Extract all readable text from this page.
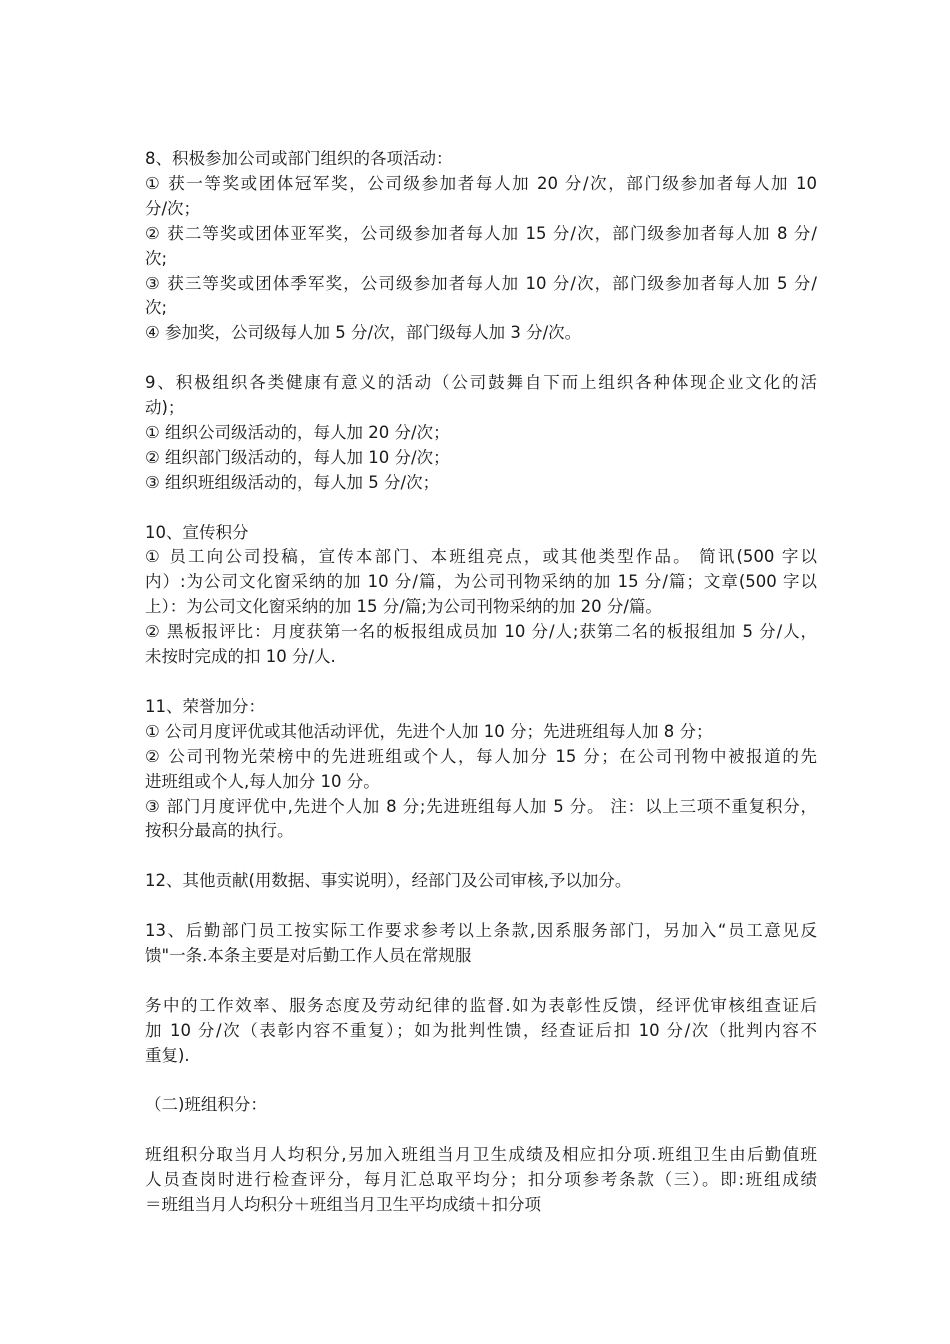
8、积极参加公司或部门组织的各项活动：
① 获一等奖或团体冠军奖，公司级参加者每人加 20 分/次，部门级参加者每人加 10
分/次；
② 获二等奖或团体亚军奖，公司级参加者每人加 15 分/次，部门级参加者每人加 8 分/
次;
③ 获三等奖或团体季军奖，公司级参加者每人加 10 分/次，部门级参加者每人加 5 分/
次;
④ 参加奖，公司级每人加 5 分/次，部门级每人加 3 分/次。
9、积极组织各类健康有意义的活动（公司鼓舞自下而上组织各种体现企业文化的活
动)；
① 组织公司级活动的，每人加 20 分/次；
② 组织部门级活动的，每人加 10 分/次；
③ 组织班组级活动的，每人加 5 分/次；
10、宣传积分
① 员工向公司投稿，宣传本部门、本班组亮点，或其他类型作品。 简讯(500 字以
内）:为公司文化窗采纳的加 10 分/篇，为公司刊物采纳的加 15 分/篇；文章(500 字以
上）：为公司文化窗采纳的加 15 分/篇;为公司刊物采纳的加 20 分/篇。
② 黑板报评比：月度获第一名的板报组成员加 10 分/人;获第二名的板报组加 5 分/人，
未按时完成的扣 10 分/人.
11、荣誉加分：
① 公司月度评优或其他活动评优，先进个人加 10 分；先进班组每人加 8 分；
② 公司刊物光荣榜中的先进班组或个人，每人加分 15 分；在公司刊物中被报道的先
进班组或个人,每人加分 10 分。
③ 部门月度评优中,先进个人加 8 分;先进班组每人加 5 分。 注：以上三项不重复积分，
按积分最高的执行。
12、其他贡献(用数据、事实说明），经部门及公司审核,予以加分。
13、后勤部门员工按实际工作要求参考以上条款,因系服务部门，另加入“员工意见反
馈"一条.本条主要是对后勤工作人员在常规服
务中的工作效率、服务态度及劳动纪律的监督.如为表彰性反馈，经评优审核组查证后
加 10 分/次（表彰内容不重复）；如为批判性馈，经查证后扣 10 分/次（批判内容不
重复).
（二)班组积分：
班组积分取当月人均积分,另加入班组当月卫生成绩及相应扣分项.班组卫生由后勤值班
人员查岗时进行检查评分，每月汇总取平均分；扣分项参考条款（三）。即:班组成绩
＝班组当月人均积分＋班组当月卫生平均成绩＋扣分项
